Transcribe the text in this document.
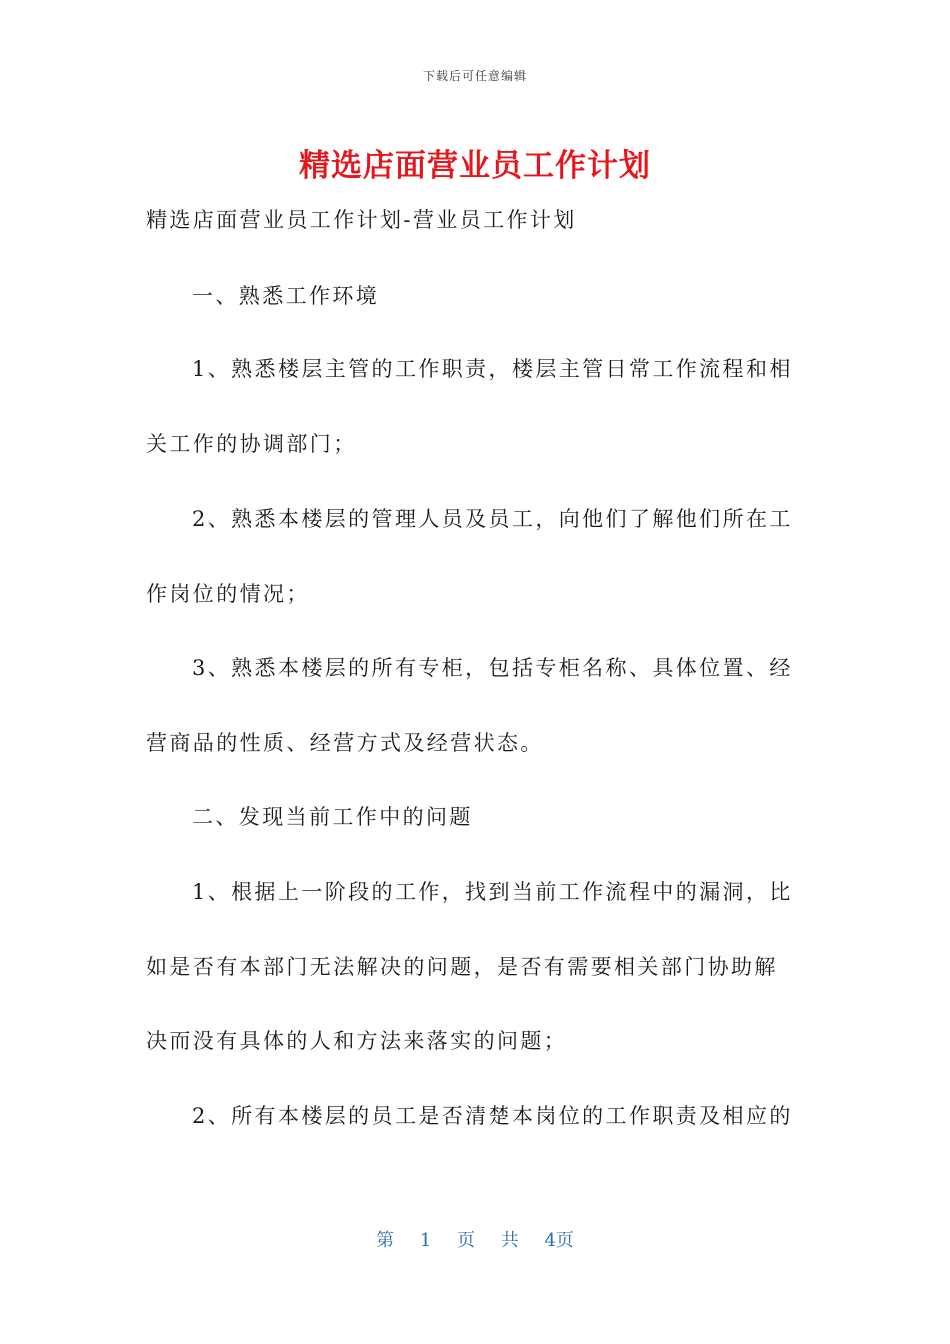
下载后可任意编辑
精选店面营业员工作计划
精选店面营业员工作计划-营业员工作计划
一、熟悉工作环境
1、熟悉楼层主管的工作职责，楼层主管日常工作流程和相
关工作的协调部门；
2、熟悉本楼层的管理人员及员工，向他们了解他们所在工
作岗位的情况；
3、熟悉本楼层的所有专柜，包括专柜名称、具体位置、经
营商品的性质、经营方式及经营状态。
二、发现当前工作中的问题
1、根据上一阶段的工作，找到当前工作流程中的漏洞，比
如是否有本部门无法解决的问题，是否有需要相关部门协助解
决而没有具体的人和方法来落实的问题；
2、所有本楼层的员工是否清楚本岗位的工作职责及相应的
第 1 页 共 4页
